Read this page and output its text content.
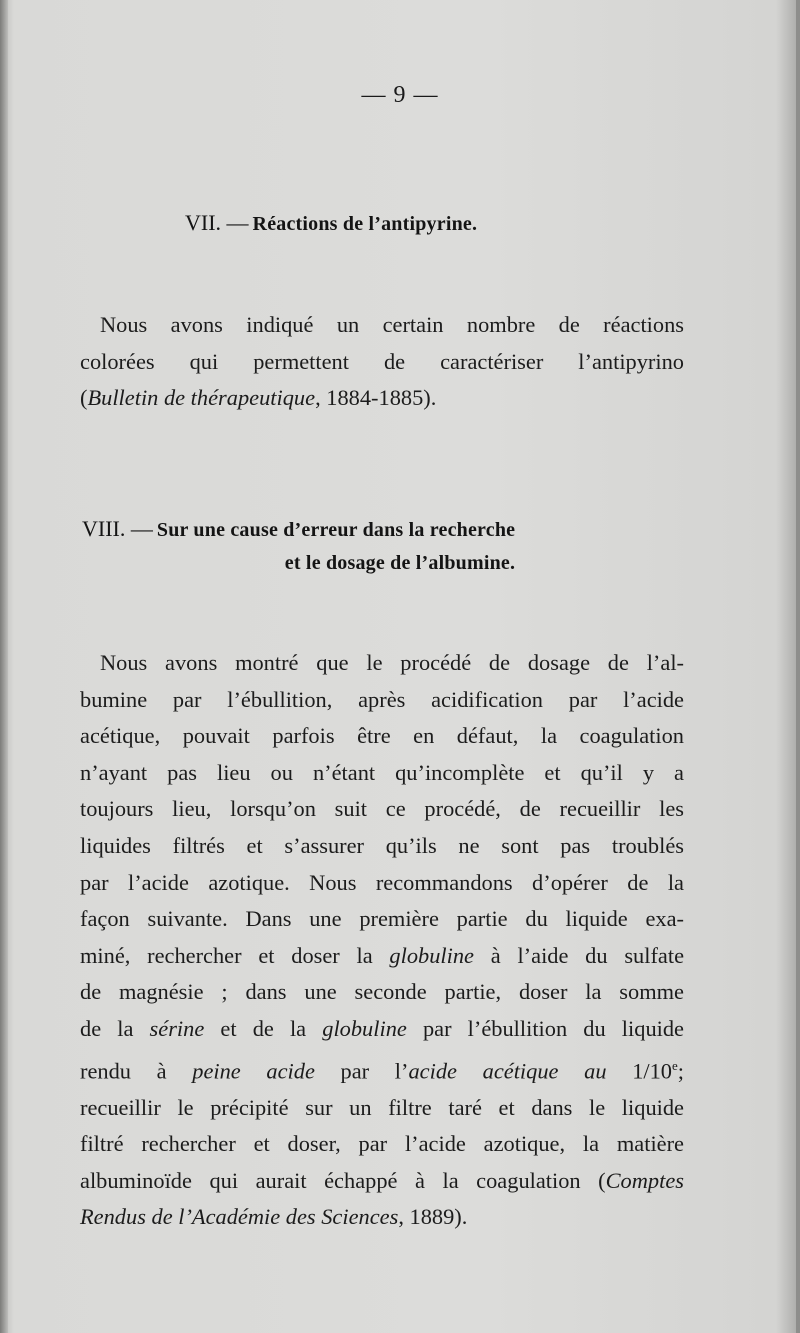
— 9 —
VII. — Réactions de l’antipyrine.
Nous avons indiqué un certain nombre de réactions
colorées qui permettent de caractériser l’antipyrino
(Bulletin de thérapeutique, 1884-1885).
VIII. — Sur une cause d’erreur dans la recherche
et le dosage de l’albumine.
Nous avons montré que le procédé de dosage de l’al-
bumine par l’ébullition, après acidification par l’acide
acétique, pouvait parfois être en défaut, la coagulation
n’ayant pas lieu ou n’étant qu’incomplète et qu’il y a
toujours lieu, lorsqu’on suit ce procédé, de recueillir les
liquides filtrés et s’assurer qu’ils ne sont pas troublés
par l’acide azotique. Nous recommandons d’opérer de la
façon suivante. Dans une première partie du liquide exa-
miné, rechercher et doser la globuline à l’aide du sulfate
de magnésie ; dans une seconde partie, doser la somme
de la sérine et de la globuline par l’ébullition du liquide
rendu à peine acide par l’acide acétique au 1/10e;
recueillir le précipité sur un filtre taré et dans le liquide
filtré rechercher et doser, par l’acide azotique, la matière
albuminoïde qui aurait échappé à la coagulation (Comptes
Rendus de l’Académie des Sciences, 1889).
